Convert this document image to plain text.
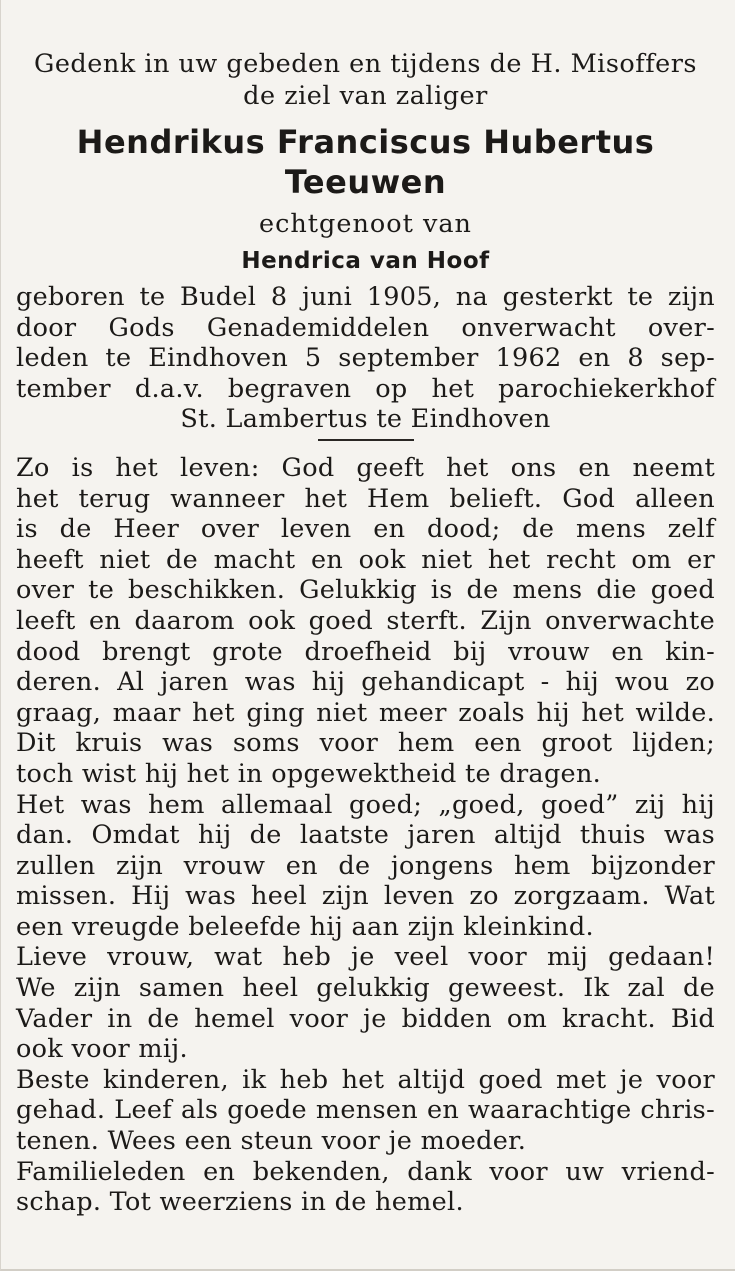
Gedenk in uw gebeden en tijdens de H. Misoffers
de ziel van zaliger
Hendrikus Franciscus Hubertus
Teeuwen
echtgenoot van
Hendrica van Hoof
geboren te Budel 8 juni 1905, na gesterkt te zijn
door Gods Genademiddelen onverwacht over-
leden te Eindhoven 5 september 1962 en 8 sep-
tember d.a.v. begraven op het parochiekerkhof
St. Lambertus te Eindhoven
Zo is het leven: God geeft het ons en neemt
het terug wanneer het Hem belieft. God alleen
is de Heer over leven en dood; de mens zelf
heeft niet de macht en ook niet het recht om er
over te beschikken. Gelukkig is de mens die goed
leeft en daarom ook goed sterft. Zijn onverwachte
dood brengt grote droefheid bij vrouw en kin-
deren. Al jaren was hij gehandicapt - hij wou zo
graag, maar het ging niet meer zoals hij het wilde.
Dit kruis was soms voor hem een groot lijden;
toch wist hij het in opgewektheid te dragen.
Het was hem allemaal goed; „goed, goed” zij hij
dan. Omdat hij de laatste jaren altijd thuis was
zullen zijn vrouw en de jongens hem bijzonder
missen. Hij was heel zijn leven zo zorgzaam. Wat
een vreugde beleefde hij aan zijn kleinkind.
Lieve vrouw, wat heb je veel voor mij gedaan!
We zijn samen heel gelukkig geweest. Ik zal de
Vader in de hemel voor je bidden om kracht. Bid
ook voor mij.
Beste kinderen, ik heb het altijd goed met je voor
gehad. Leef als goede mensen en waarachtige chris-
tenen. Wees een steun voor je moeder.
Familieleden en bekenden, dank voor uw vriend-
schap. Tot weerziens in de hemel.
